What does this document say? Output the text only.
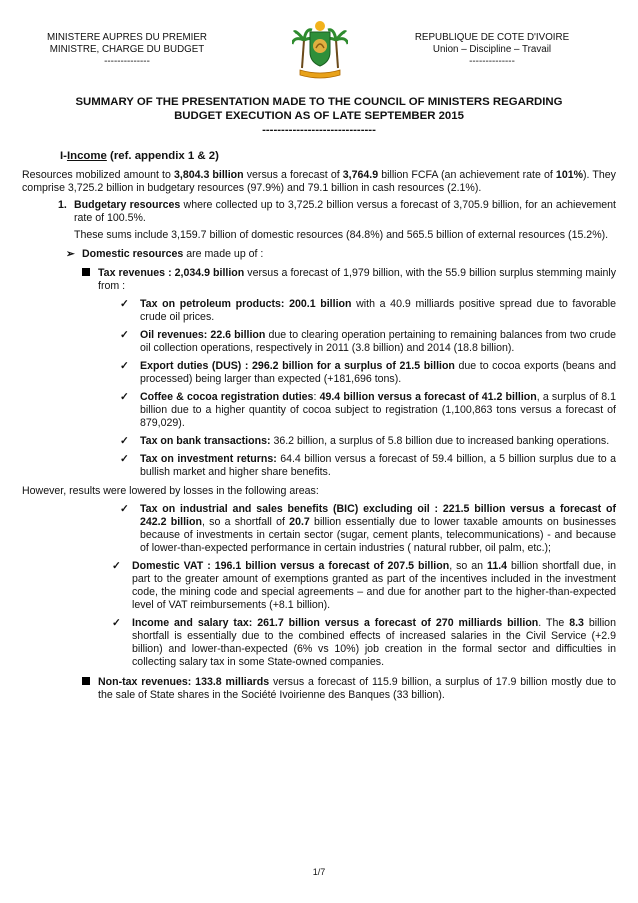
MINISTERE AUPRES DU PREMIER
MINISTRE, CHARGE DU BUDGET
--------------
REPUBLIQUE DE COTE D'IVOIRE
Union – Discipline – Travail
--------------
SUMMARY OF THE PRESENTATION MADE TO THE COUNCIL OF MINISTERS REGARDING
BUDGET EXECUTION AS OF LATE SEPTEMBER 2015
------------------------------

I-Income (ref. appendix 1 & 2)

Resources mobilized amount to 3,804.3 billion versus a forecast of 3,764.9 billion FCFA (an achievement rate of 101%). They comprise 3,725.2 billion in budgetary resources (97.9%) and 79.1 billion in cash resources (2.1%).

1. Budgetary resources where collected up to 3,725.2 billion versus a forecast of 3,705.9 billion, for an achievement rate of 100.5%.

These sums include 3,159.7 billion of domestic resources (84.8%) and 565.5 billion of external resources (15.2%).

➢ Domestic resources are made up of :
Tax revenues : 2,034.9 billion versus a forecast of 1,979 billion, with the 55.9 billion surplus stemming mainly from :
✓ Tax on petroleum products: 200.1 billion with a 40.9 milliards positive spread due to favorable crude oil prices.
✓ Oil revenues: 22.6 billion due to clearing operation pertaining to remaining balances from two crude oil collection operations, respectively in 2011 (3.8 billion) and 2014 (18.8 billion).
✓ Export duties (DUS) : 296.2 billion for a surplus of 21.5 billion due to cocoa exports (beans and processed) being larger than expected (+181,696 tons).
✓ Coffee & cocoa registration duties: 49.4 billion versus a forecast of 41.2 billion, a surplus of 8.1 billion due to a higher quantity of cocoa subject to registration (1,100,863 tons versus a forecast of 879,029).
✓ Tax on bank transactions: 36.2 billion, a surplus of 5.8 billion due to increased banking operations.
✓ Tax on investment returns: 64.4 billion versus a forecast of 59.4 billion, a 5 billion surplus due to a bullish market and higher share benefits.

However, results were lowered by losses in the following areas:

✓ Tax on industrial and sales benefits (BIC) excluding oil : 221.5 billion versus a forecast of 242.2 billion, so a shortfall of 20.7 billion essentially due to lower taxable amounts on businesses because of investments in certain sector (sugar, cement plants, telecommunications) - and because of lower-than-expected performance in certain industries ( natural rubber, oil palm, etc.);
✓ Domestic VAT : 196.1 billion versus a forecast of 207.5 billion, so an 11.4 billion shortfall due, in part to the greater amount of exemptions granted as part of the incentives included in the investment code, the mining code and special agreements – and due for another part to the higher-than-expected level of VAT reimbursements (+8.1 billion).
✓ Income and salary tax: 261.7 billion versus a forecast of 270 milliards billion. The 8.3 billion shortfall is essentially due to the combined effects of increased salaries in the Civil Service (+2.9 billion) and lower-than-expected (6% vs 10%) job creation in the formal sector and difficulties in collecting salary tax in some State-owned companies.
Non-tax revenues: 133.8 milliards versus a forecast of 115.9 billion, a surplus of 17.9 billion mostly due to the sale of State shares in the Société Ivoirienne des Banques (33 billion).
1/7
